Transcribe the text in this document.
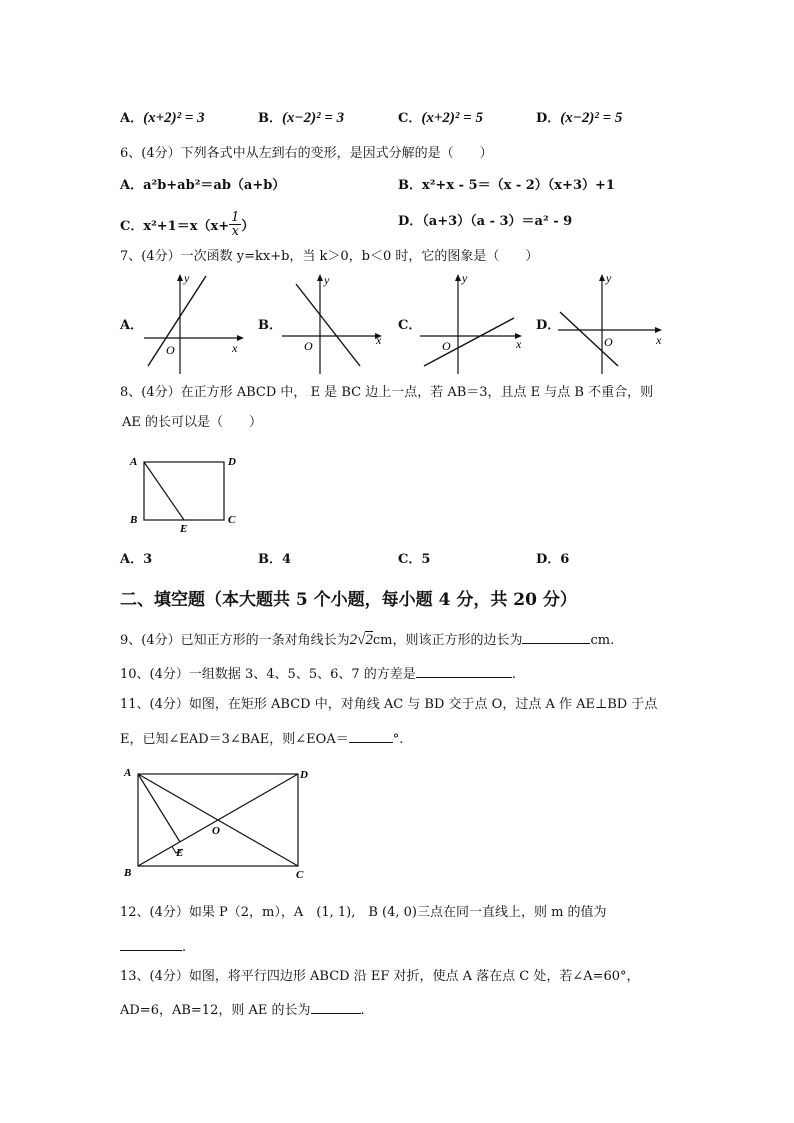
A．(x+2)² = 3	B．(x−2)² = 3	C．(x+2)² = 5	D．(x−2)² = 5
6、(4分）下列各式中从左到右的变形，是因式分解的是（　　）
A．a²b+ab²＝ab（a+b）	B．x²+x - 5＝（x - 2）（x+3）+1
C．$x^2+1=x(x+ \frac{1}{x}$ ）	D．（a+3）（a - 3）＝a² - 9
7、(4分）一次函数 y=kx+b，当 k＞0，b＜0 时，它的图象是（　　）
A．	B．	C．	D．
y
x
O
y
x
O
y
x
O
y
x
O
8、(4分）在正方形 ABCD 中， E 是 BC 边上一点，若 AB＝3，且点 E 与点 B 不重合，则
AE 的长可以是（　　）
A	D
B	C
E
A．3	B．4	C．5	D．6
二、填空题（本大题共 5 个小题，每小题 4 分，共 20 分）
9、(4分）已知正方形的一条对角线长为2√2cm，则该正方形的边长为	cm.
10、(4分）一组数据 3、4、5、5、6、7 的方差是	.
11、(4分）如图，在矩形 ABCD 中，对角线 AC 与 BD 交于点 O，过点 A 作 AE⊥BD 于点
E，已知∠EAD＝3∠BAE，则∠EOA＝	°.
A	D
B	C
O
E
12、(4分）如果 P（2，m），A　(1, 1),　B (4, 0)三点在同一直线上，则 m 的值为
.
13、(4分）如图，将平行四边形 ABCD 沿 EF 对折，使点 A 落在点 C 处，若∠A=60°，
AD=6，AB=12，则 AE 的长为	.
